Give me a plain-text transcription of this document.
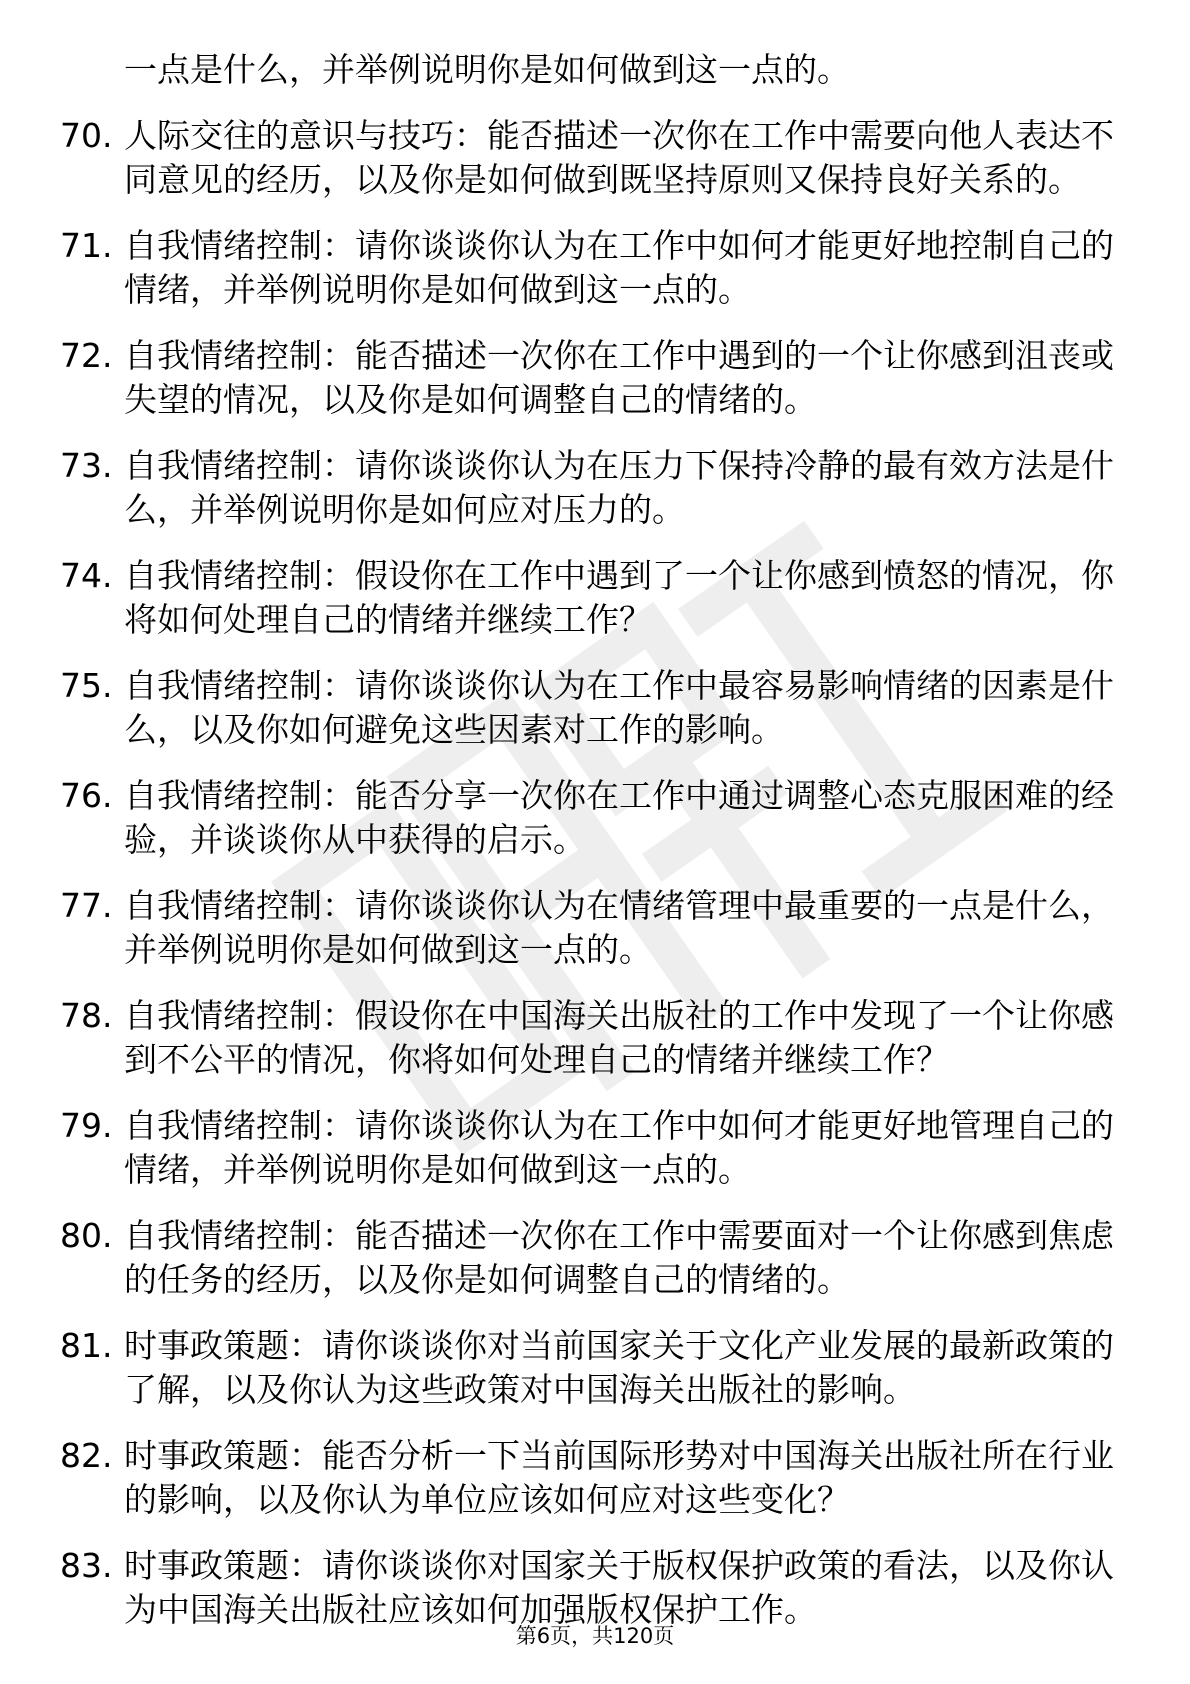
一点是什么，并举例说明你是如何做到这一点的。

70. 人际交往的意识与技巧：能否描述一次你在工作中需要向他人表达不同意见的经历，以及你是如何做到既坚持原则又保持良好关系的。
71. 自我情绪控制：请你谈谈你认为在工作中如何才能更好地控制自己的情绪，并举例说明你是如何做到这一点的。
72. 自我情绪控制：能否描述一次你在工作中遇到的一个让你感到沮丧或失望的情况，以及你是如何调整自己的情绪的。
73. 自我情绪控制：请你谈谈你认为在压力下保持冷静的最有效方法是什么，并举例说明你是如何应对压力的。
74. 自我情绪控制：假设你在工作中遇到了一个让你感到愤怒的情况，你将如何处理自己的情绪并继续工作？
75. 自我情绪控制：请你谈谈你认为在工作中最容易影响情绪的因素是什么，以及你如何避免这些因素对工作的影响。
76. 自我情绪控制：能否分享一次你在工作中通过调整心态克服困难的经验，并谈谈你从中获得的启示。
77. 自我情绪控制：请你谈谈你认为在情绪管理中最重要的一点是什么，并举例说明你是如何做到这一点的。
78. 自我情绪控制：假设你在中国海关出版社的工作中发现了一个让你感到不公平的情况，你将如何处理自己的情绪并继续工作？
79. 自我情绪控制：请你谈谈你认为在工作中如何才能更好地管理自己的情绪，并举例说明你是如何做到这一点的。
80. 自我情绪控制：能否描述一次你在工作中需要面对一个让你感到焦虑的任务的经历，以及你是如何调整自己的情绪的。
81. 时事政策题：请你谈谈你对当前国家关于文化产业发展的最新政策的了解，以及你认为这些政策对中国海关出版社的影响。
82. 时事政策题：能否分析一下当前国际形势对中国海关出版社所在行业的影响，以及你认为单位应该如何应对这些变化？
83. 时事政策题：请你谈谈你对国家关于版权保护政策的看法，以及你认为中国海关出版社应该如何加强版权保护工作。
第6页，共120页
